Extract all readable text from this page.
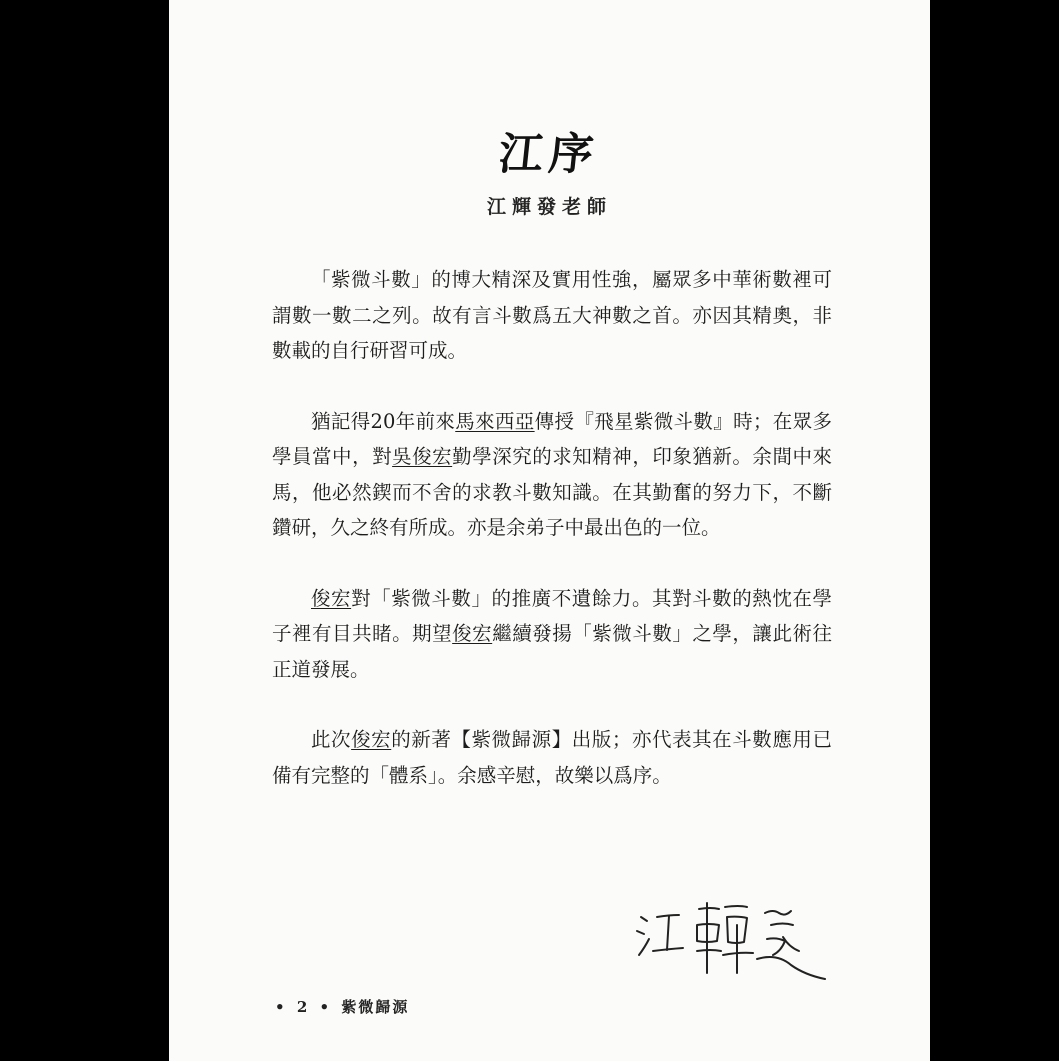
江序
江輝發老師

「紫微斗數」的博大精深及實用性強，屬眾多中華術數裡可謂數一數二之列。故有言斗數爲五大神數之首。亦因其精奧，非數載的自行研習可成。

猶記得20年前來馬來西亞傳授『飛星紫微斗數』時；在眾多學員當中，對吳俊宏勤學深究的求知精神，印象猶新。余間中來馬，他必然鍥而不舍的求教斗數知識。在其勤奮的努力下，不斷鑽研，久之終有所成。亦是余弟子中最出色的一位。

俊宏對「紫微斗數」的推廣不遺餘力。其對斗數的熱忱在學子裡有目共睹。期望俊宏繼續發揚「紫微斗數」之學，讓此術往正道發展。

此次俊宏的新著【紫微歸源】出版；亦代表其在斗數應用已備有完整的「體系」。余感辛慰，故樂以爲序。

• 2 • 紫微歸源
